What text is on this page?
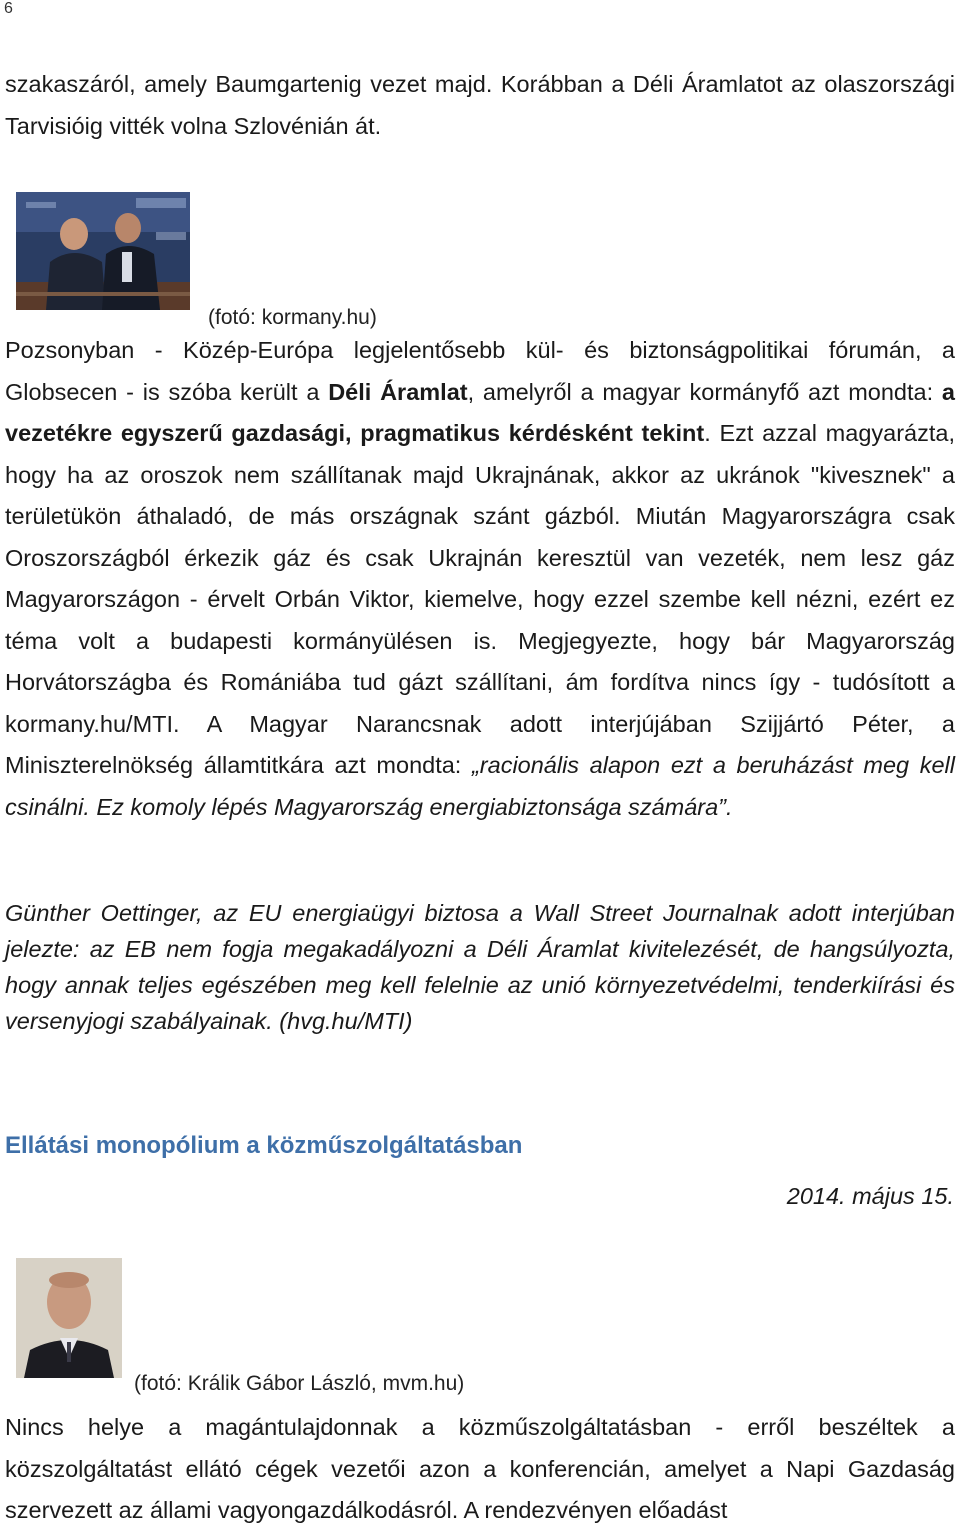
6

szakaszáról, amely Baumgartenig vezet majd. Korábban a Déli Áramlatot az olaszországi Tarvisióig vitték volna Szlovénián át.

(fotó: kormany.hu)

Pozsonyban - Közép-Európa legjelentősebb kül- és biztonságpolitikai fórumán, a Globsecen - is szóba került a Déli Áramlat, amelyről a magyar kormányfő azt mondta: a vezetékre egyszerű gazdasági, pragmatikus kérdésként tekint. Ezt azzal magyarázta, hogy ha az oroszok nem szállítanak majd Ukrajnának, akkor az ukránok "kivesznek" a területükön áthaladó, de más országnak szánt gázból. Miután Magyarországra csak Oroszországból érkezik gáz és csak Ukrajnán keresztül van vezeték, nem lesz gáz Magyarországon - érvelt Orbán Viktor, kiemelve, hogy ezzel szembe kell nézni, ezért ez téma volt a budapesti kormányülésen is. Megjegyezte, hogy bár Magyarország Horvátországba és Romániába tud gázt szállítani, ám fordítva nincs így - tudósított a kormany.hu/MTI. A Magyar Narancsnak adott interjújában Szijjártó Péter, a Miniszterelnökség államtitkára azt mondta: „racionális alapon ezt a beruházást meg kell csinálni. Ez komoly lépés Magyarország energiabiztonsága számára”.

Günther Oettinger, az EU energiaügyi biztosa a Wall Street Journalnak adott interjúban jelezte: az EB nem fogja megakadályozni a Déli Áramlat kivitelezését, de hangsúlyozta, hogy annak teljes egészében meg kell felelnie az unió környezetvédelmi, tenderkiírási és versenyjogi szabályainak. (hvg.hu/MTI)

Ellátási monopólium a közműszolgáltatásban
2014. május 15.
(fotó: Králik Gábor László, mvm.hu)

Nincs helye a magántulajdonnak a közműszolgáltatásban - erről beszéltek a közszolgáltatást ellátó cégek vezetői azon a konferencián, amelyet a Napi Gazdaság szervezett az állami vagyongazdálkodásról. A rendezvényen előadást
